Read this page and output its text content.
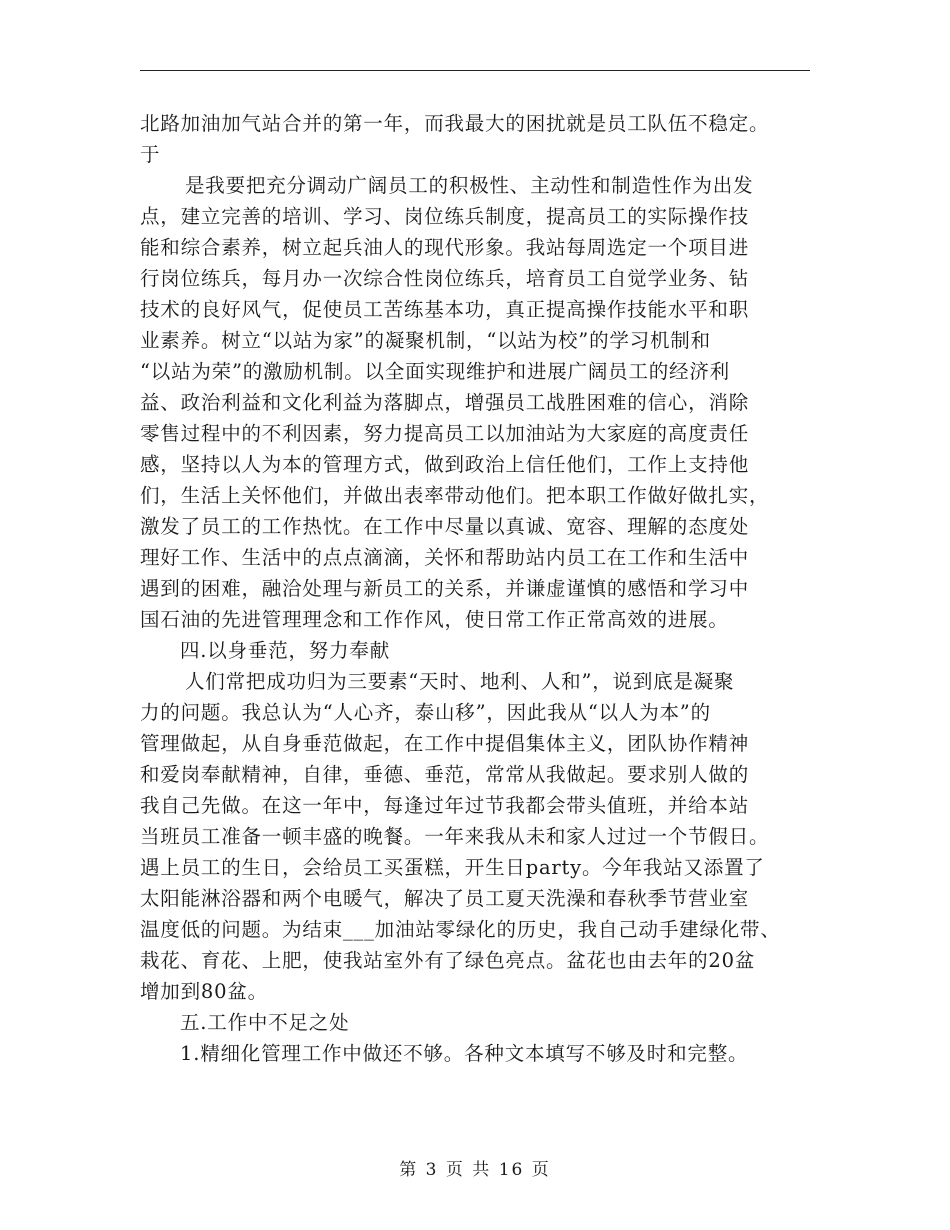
北路加油加气站合并的第一年，而我最大的困扰就是员工队伍不稳定。
于
是我要把充分调动广阔员工的积极性、主动性和制造性作为出发
点，建立完善的培训、学习、岗位练兵制度，提高员工的实际操作技
能和综合素养，树立起兵油人的现代形象。我站每周选定一个项目进
行岗位练兵，每月办一次综合性岗位练兵，培育员工自觉学业务、钻
技术的良好风气，促使员工苦练基本功，真正提高操作技能水平和职
业素养。树立“以站为家”的凝聚机制，“以站为校”的学习机制和
“以站为荣”的激励机制。以全面实现维护和进展广阔员工的经济利
益、政治利益和文化利益为落脚点，增强员工战胜困难的信心，消除
零售过程中的不利因素，努力提高员工以加油站为大家庭的高度责任
感，坚持以人为本的管理方式，做到政治上信任他们，工作上支持他
们，生活上关怀他们，并做出表率带动他们。把本职工作做好做扎实，
激发了员工的工作热忱。在工作中尽量以真诚、宽容、理解的态度处
理好工作、生活中的点点滴滴，关怀和帮助站内员工在工作和生活中
遇到的困难，融洽处理与新员工的关系，并谦虚谨慎的感悟和学习中
国石油的先进管理理念和工作作风，使日常工作正常高效的进展。
四.以身垂范，努力奉献
人们常把成功归为三要素“天时、地利、人和”，说到底是凝聚
力的问题。我总认为“人心齐，泰山移”，因此我从“以人为本”的
管理做起，从自身垂范做起，在工作中提倡集体主义，团队协作精神
和爱岗奉献精神，自律，垂德、垂范，常常从我做起。要求别人做的
我自己先做。在这一年中，每逢过年过节我都会带头值班，并给本站
当班员工准备一顿丰盛的晚餐。一年来我从未和家人过过一个节假日。
遇上员工的生日，会给员工买蛋糕，开生日party。今年我站又添置了
太阳能淋浴器和两个电暖气，解决了员工夏天洗澡和春秋季节营业室
温度低的问题。为结束___加油站零绿化的历史，我自己动手建绿化带、
栽花、育花、上肥，使我站室外有了绿色亮点。盆花也由去年的20盆
增加到80盆。
五.工作中不足之处
1.精细化管理工作中做还不够。各种文本填写不够及时和完整。
第 3 页 共 16 页
